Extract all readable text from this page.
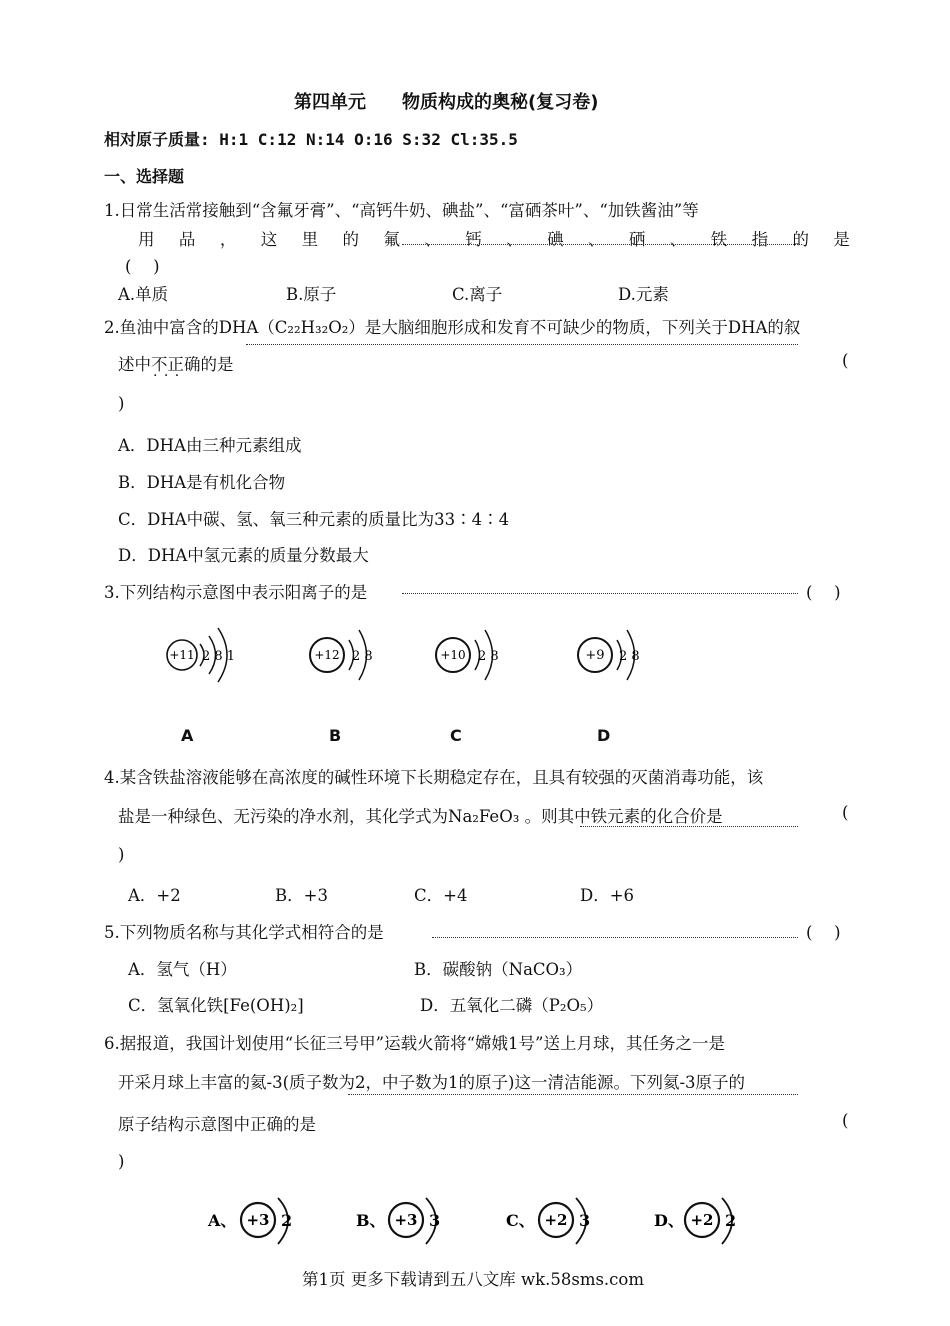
第四单元　　物质构成的奥秘(复习卷)
相对原子质量: H:1 C:12 N:14 O:16 S:32 Cl:35.5
一、选择题
1.日常生活常接触到“含氟牙膏”、“高钙牛奶、碘盐”、“富硒茶叶”、“加铁酱油”等
用 品 ， 这 里 的 氟 、 钙 、 碘 、 硒 、 铁 指 的 是
(　 )
A.单质	B.原子	C.离子	D.元素
2.鱼油中富含的DHA（C₂₂H₃₂O₂）是大脑细胞形成和发育不可缺少的物质，下列关于DHA的叙
述中不正确 · · ·的是	(
)
A．DHA由三种元素组成
B．DHA是有机化合物
C．DHA中碳、氢、氧三种元素的质量比为33∶4∶4
D．DHA中氢元素的质量分数最大
3.下列结构示意图中表示阳离子的是	(　 )
+11 2 8 1	+12 2 8	+10 2 8	+9 2 8
A	B	C	D
4.某含铁盐溶液能够在高浓度的碱性环境下长期稳定存在，且具有较强的灭菌消毒功能，该
盐是一种绿色、无污染的净水剂，其化学式为Na₂FeO₃ 。则其中铁元素的化合价是	(
)
A．+2	B．+3	C．+4	D．+6
5.下列物质名称与其化学式相符合的是	(　 )
A．氢气（H）	B．碳酸钠（NaCO₃）
C．氢氧化铁[Fe(OH)₂]	D．五氧化二磷（P₂O₅）
6.据报道，我国计划使用“长征三号甲”运载火箭将“嫦娥1号”送上月球，其任务之一是
开采月球上丰富的氦-3(质子数为2，中子数为1的原子)这一清洁能源。下列氦-3原子的
原子结构示意图中正确的是	(
)
A、 +3 2	B、 +3 3	C、 +2 3	D、 +2 2
第1页 更多下载请到五八文库 wk.58sms.com
